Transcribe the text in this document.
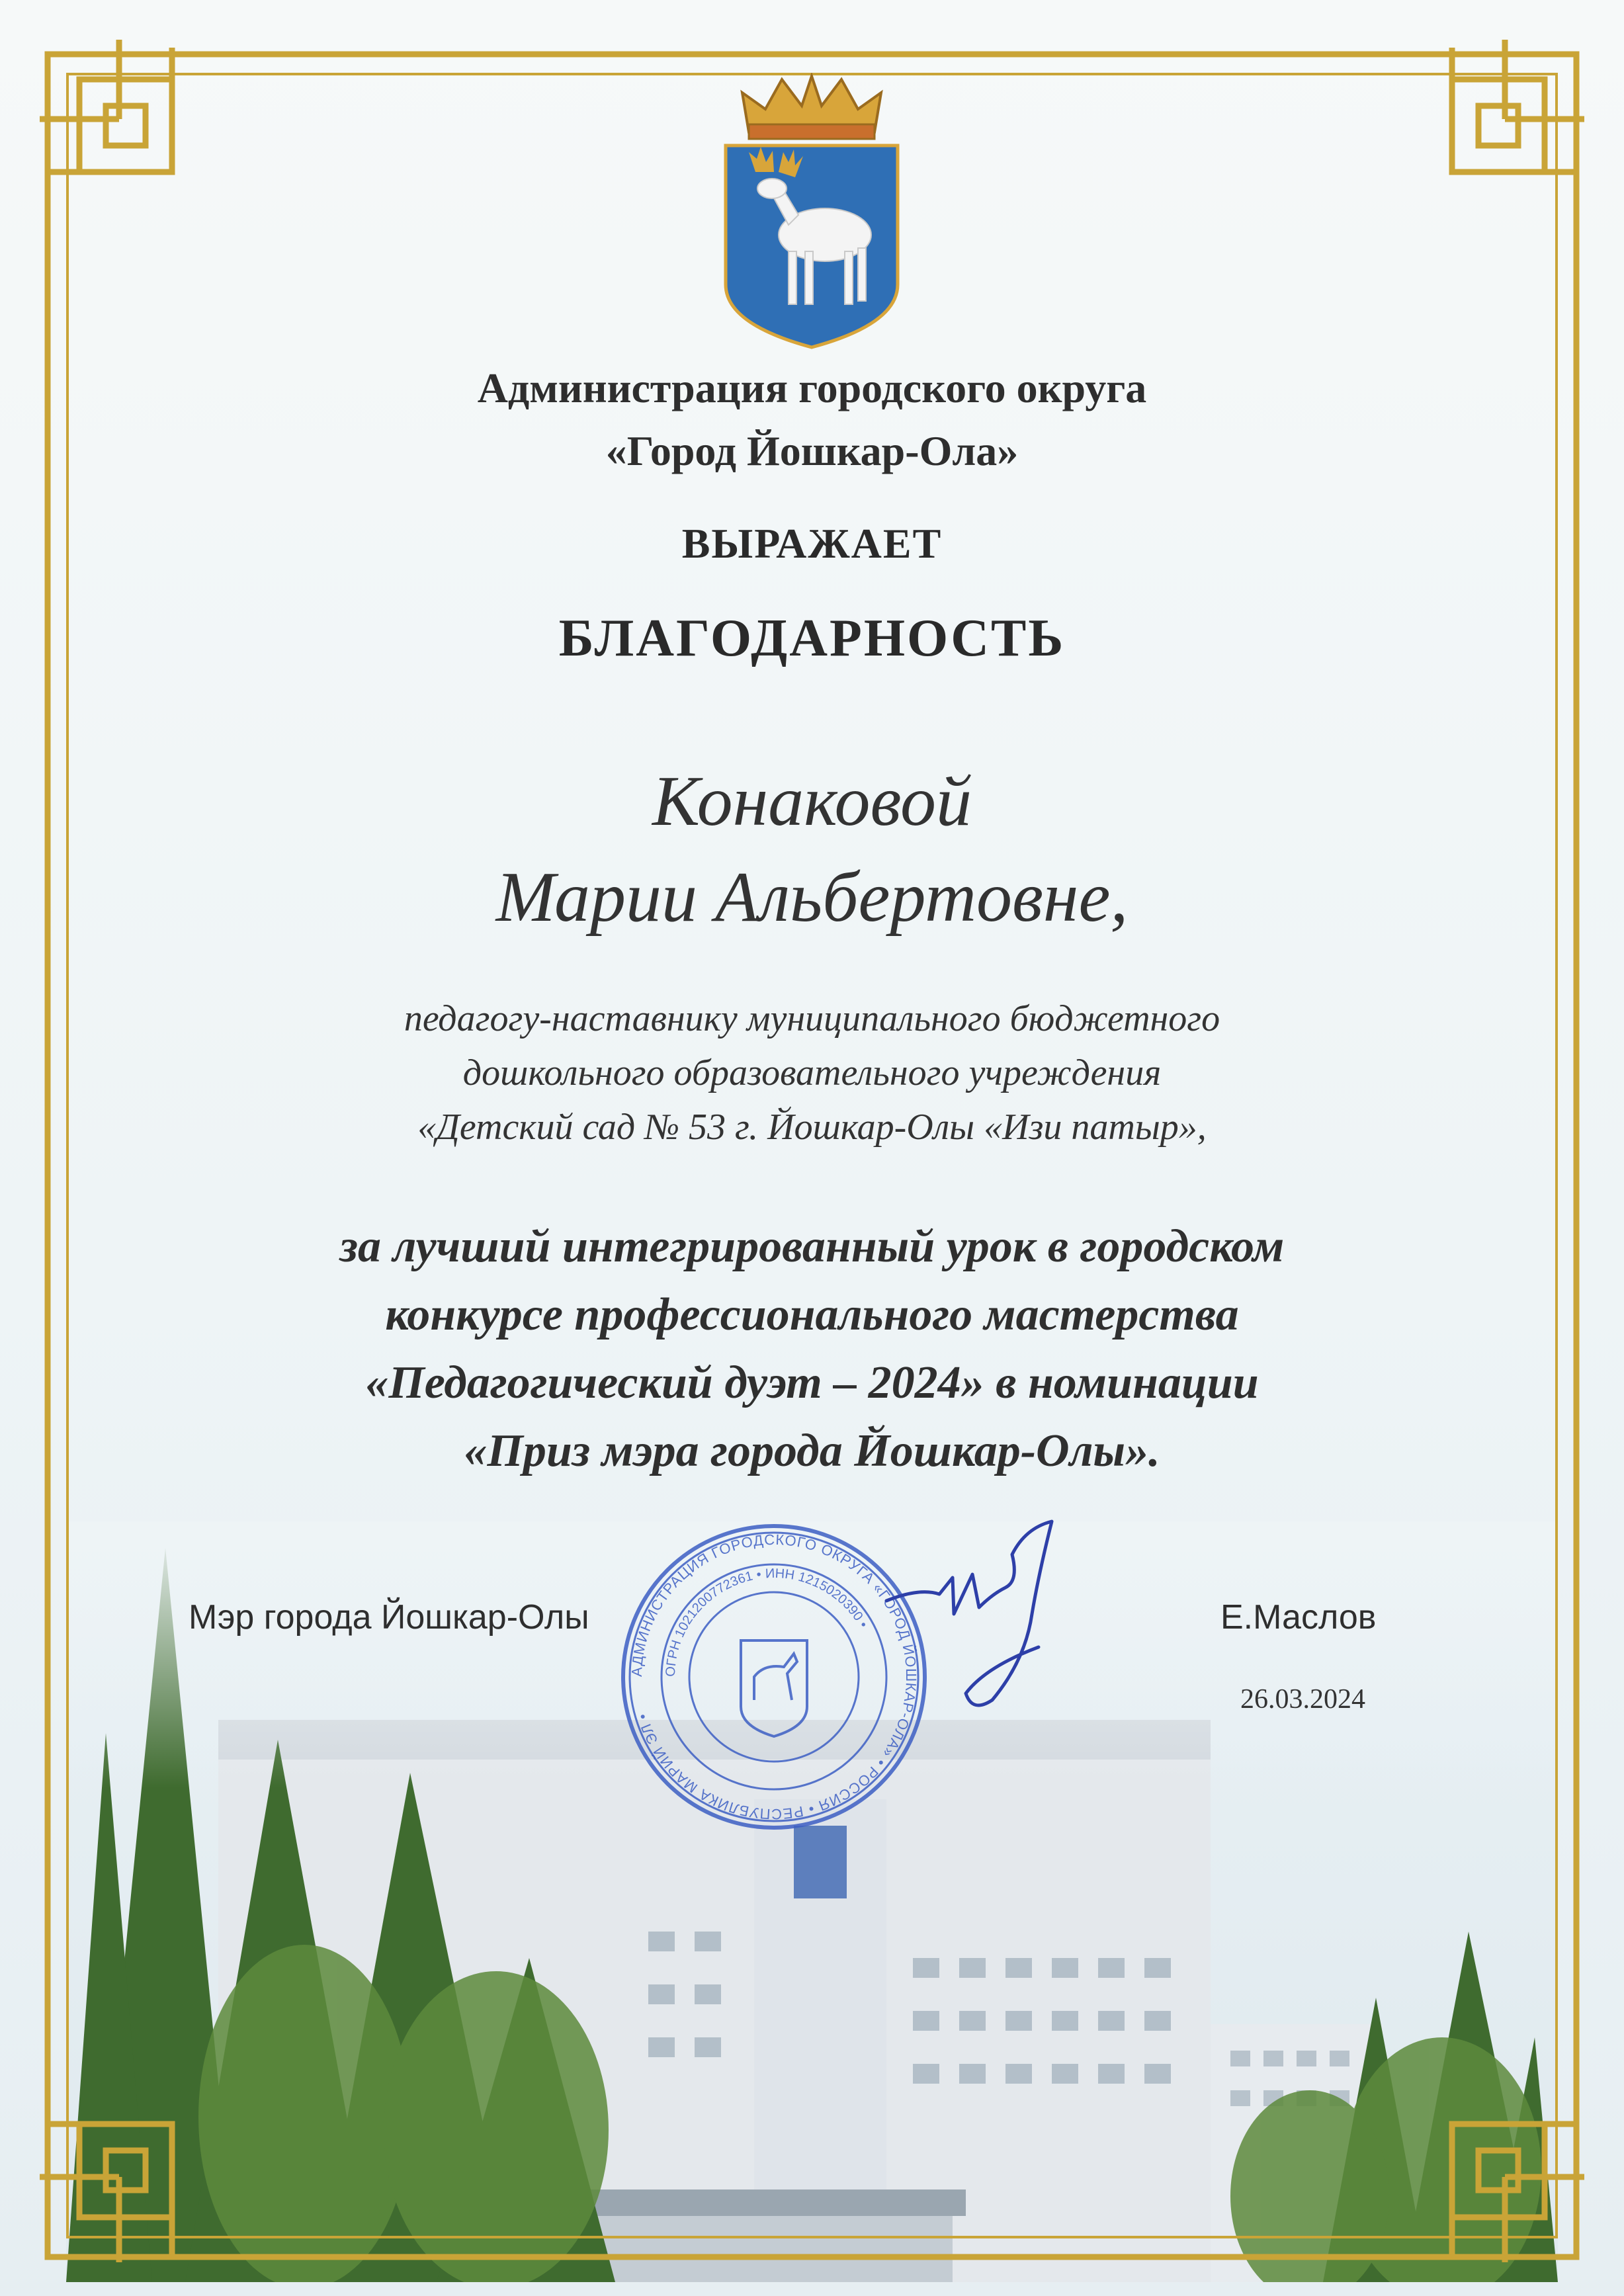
Администрация городского округа
«Город Йошкар-Ола»
ВЫРАЖАЕТ
БЛАГОДАРНОСТЬ
Конаковой
Марии Альбертовне,
педагогу-наставнику муниципального бюджетного
дошкольного образовательного учреждения
«Детский сад № 53 г. Йошкар-Олы «Изи патыр»,
за лучший интегрированный урок в городском
конкурсе профессионального мастерства
«Педагогический дуэт – 2024» в номинации
«Приз мэра города Йошкар-Олы».
Мэр города Йошкар-Олы	Е.Маслов
26.03.2024
АДМИНИСТРАЦИЯ ГОРОДСКОГО ОКРУГА «ГОРОД ЙОШКАР-ОЛА» • РОССИЯ • РЕСПУБЛИКА МАРИЙ ЭЛ •
ОГРН 1021200772361 • ИНН 1215020390 •
